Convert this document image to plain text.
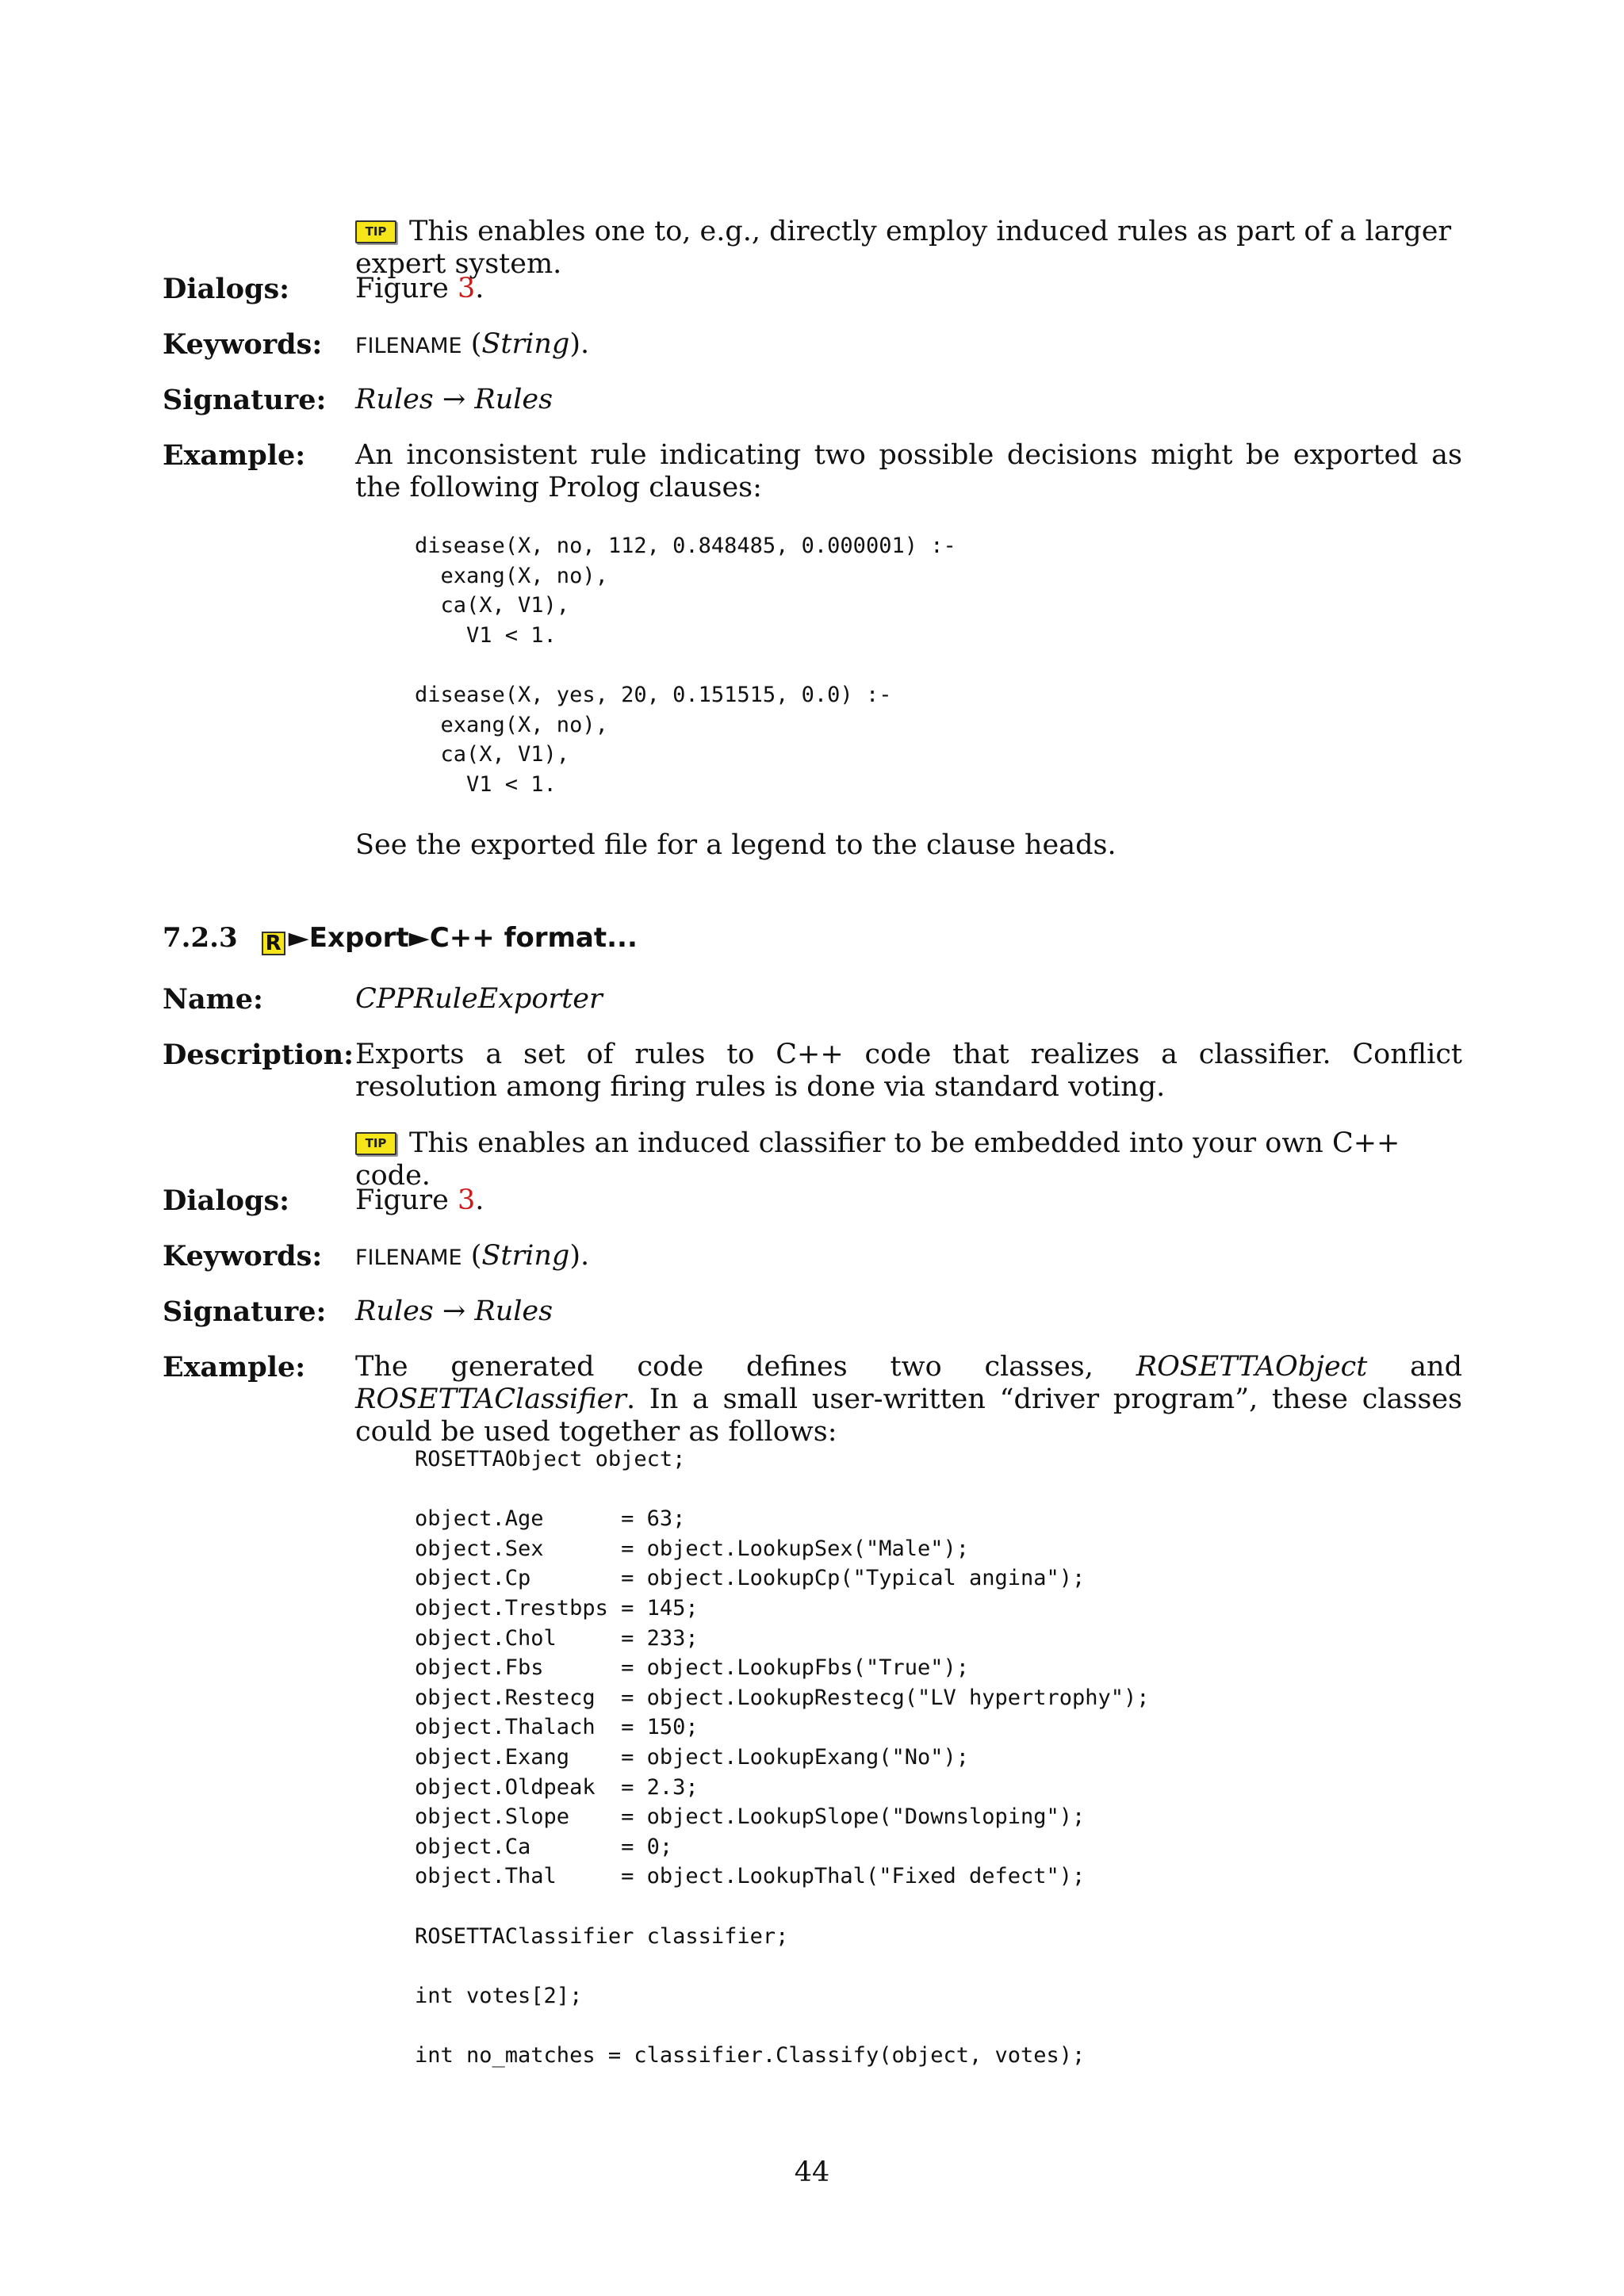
TIP This enables one to, e.g., directly employ induced rules as part of a larger expert system.
Dialogs: Figure 3.
Keywords: FILENAME (String).
Signature: Rules → Rules
Example: An inconsistent rule indicating two possible decisions might be exported as the following Prolog clauses:
disease(X, no, 112, 0.848485, 0.000001) :-
exang(X, no),
ca(X, V1),
V1 < 1.

disease(X, yes, 20, 0.151515, 0.0) :-
exang(X, no),
ca(X, V1),
V1 < 1.
See the exported file for a legend to the clause heads.
7.2.3 R ►Export►C++ format...
Name:	CPPRuleExporter
Description: Exports a set of rules to C++ code that realizes a classifier. Conflict resolution among firing rules is done via standard voting.
TIP This enables an induced classifier to be embedded into your own C++ code.
Dialogs: Figure 3.
Keywords: FILENAME (String).
Signature: Rules → Rules
Example: The generated code defines two classes, ROSETTAObject and ROSETTAClassifier. In a small user-written “driver program”, these classes could be used together as follows:
ROSETTAObject object;

object.Age      = 63;
object.Sex      = object.LookupSex("Male");
object.Cp       = object.LookupCp("Typical angina");
object.Trestbps = 145;
object.Chol     = 233;
object.Fbs      = object.LookupFbs("True");
object.Restecg  = object.LookupRestecg("LV hypertrophy");
object.Thalach  = 150;
object.Exang    = object.LookupExang("No");
object.Oldpeak  = 2.3;
object.Slope    = object.LookupSlope("Downsloping");
object.Ca       = 0;
object.Thal     = object.LookupThal("Fixed defect");

ROSETTAClassifier classifier;

int votes[2];

int no_matches = classifier.Classify(object, votes);
44
